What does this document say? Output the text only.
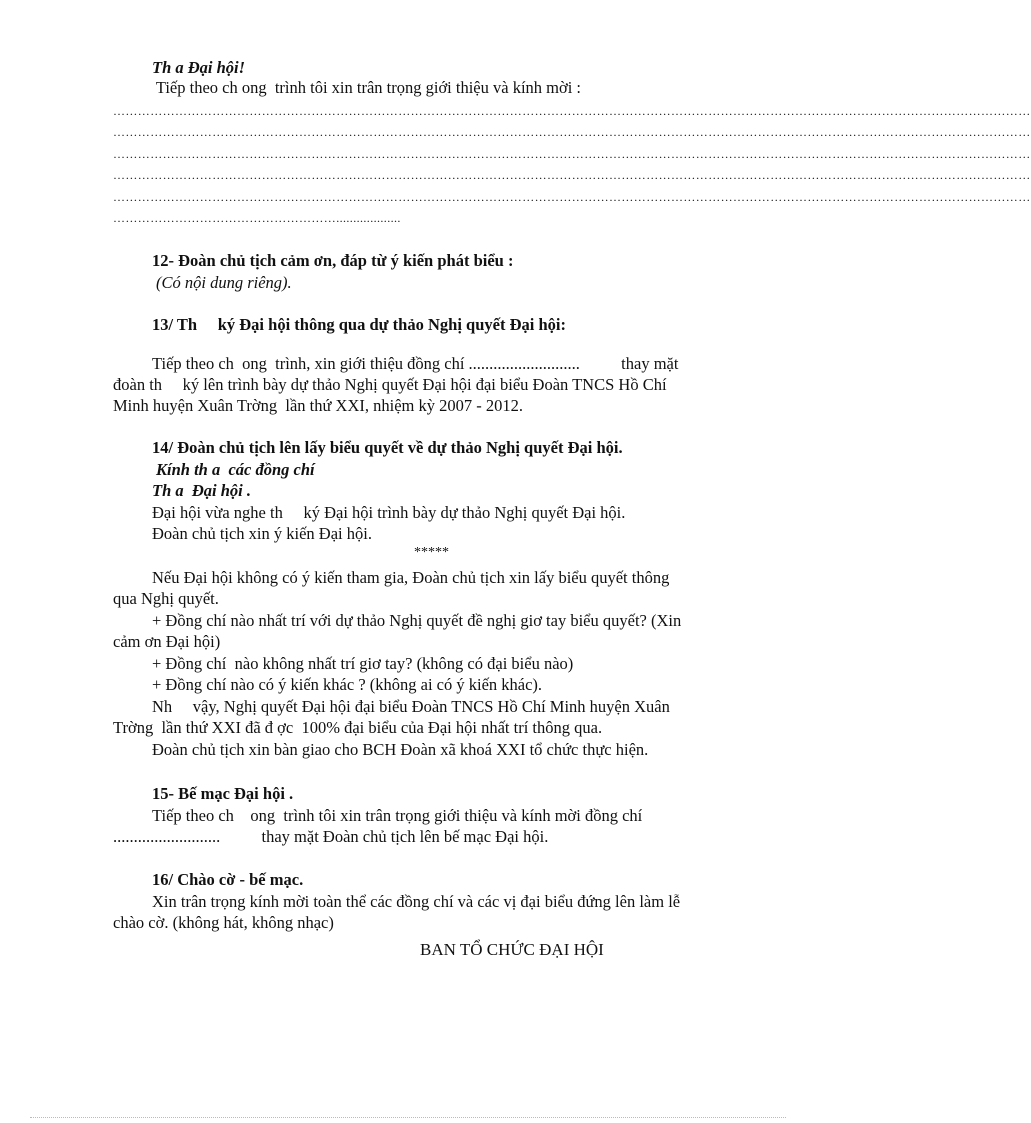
Th a Đại hội!
Tiếp theo ch ong  trình tôi xin trân trọng giới thiệu và kính mời :
……………………………………………………………………………………………………………………………………………………………………………………………………
……………………………………………………………………………………………………………………………………………………………………………………………………
……………………………………………………………………………………………………………………………………………………………………………………………………
……………………………………………………………………………………………………………………………………………………………………………………………………
……………………………………………………………………………………………………………………………………………………………………………………………………
………………………………………………...................
12- Đoàn chủ tịch cảm ơn, đáp từ ý kiến phát biểu :
(Có nội dung riêng).
13/ Th     ký Đại hội thông qua dự thảo Nghị quyết Đại hội:
Tiếp theo ch  ong  trình, xin giới thiệu đồng chí ...........................          thay mặt
đoàn th     ký lên trình bày dự thảo Nghị quyết Đại hội đại biểu Đoàn TNCS Hồ Chí
Minh huyện Xuân Trờng  lần thứ XXI, nhiệm kỳ 2007 - 2012.
14/ Đoàn chủ tịch lên lấy biểu quyết về dự thảo Nghị quyết Đại hội.
Kính th a  các đồng chí
Th a  Đại hội .
Đại hội vừa nghe th     ký Đại hội trình bày dự thảo Nghị quyết Đại hội.
Đoàn chủ tịch xin ý kiến Đại hội.
*****
Nếu Đại hội không có ý kiến tham gia, Đoàn chủ tịch xin lấy biểu quyết thông
qua Nghị quyết.
+ Đồng chí nào nhất trí với dự thảo Nghị quyết đề nghị giơ tay biểu quyết? (Xin
cảm ơn Đại hội)
+ Đồng chí  nào không nhất trí giơ tay? (không có đại biểu nào)
+ Đồng chí nào có ý kiến khác ? (không ai có ý kiến khác).
Nh     vậy, Nghị quyết Đại hội đại biểu Đoàn TNCS Hồ Chí Minh huyện Xuân
Trờng  lần thứ XXI đã đ ợc  100% đại biểu của Đại hội nhất trí thông qua.
Đoàn chủ tịch xin bàn giao cho BCH Đoàn xã khoá XXI tổ chức thực hiện.
15- Bế mạc Đại hội .
Tiếp theo ch    ong  trình tôi xin trân trọng giới thiệu và kính mời đồng chí
..........................          thay mặt Đoàn chủ tịch lên bế mạc Đại hội.
16/ Chào cờ - bế mạc.
Xin trân trọng kính mời toàn thể các đồng chí và các vị đại biểu đứng lên làm lễ
chào cờ. (không hát, không nhạc)
BAN TỔ CHỨC ĐẠI HỘI
